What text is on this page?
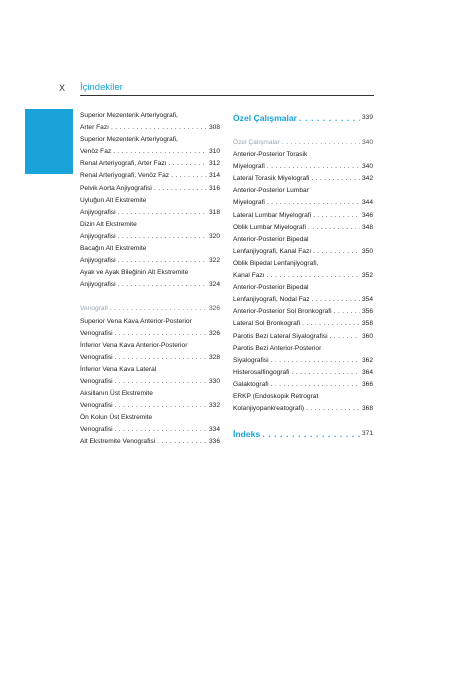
X İçindekiler
Superior Mezenterik Arteriyografi,
Arter Fazı . . .	308
Superior Mezenterik Arteriyografi,
Venöz Faz . . .	310
Renal Arteriyografi, Arter Fazı . . .	312
Renal Arteriyografi, Venöz Faz . . .	314
Pelvik Aorta Anjiyografisi . . .	316
Uyluğun Alt Ekstremite
Anjiyografisi . . .	318
Dizin Alt Ekstremite
Anjiyografisi . . .	320
Bacağın Alt Ekstremite
Anjiyografisi . . .	322
Ayak ve Ayak Bileğinin Alt Ekstremite
Anjiyografisi . . .	324
Venografi . . .	326
Superior Vena Kava Anterior-Posterior
Venografisi . . .	326
İnferior Vena Kava Anterior-Posterior
Venografisi . . .	328
İnferior Vena Kava Lateral
Venografisi . . .	330
Aksillanın Üst Ekstremite
Venografisi . . .	332
Ön Kolun Üst Ekstremite
Venografisi . . .	334
Alt Ekstremite Venografisi . . .	336
Özel Çalışmalar . . .	339
Özel Çalışmalar . . .	340
Anterior-Posterior Torasik
Miyelografi . . .	340
Lateral Torasik Miyelografi . . .	342
Anterior-Posterior Lumbar
Miyelografi . . .	344
Lateral Lumbar Miyelografi . . .	346
Oblik Lumbar Miyelografi . . .	348
Anterior-Posterior Bipedal
Lenfanjiyografi, Kanal Fazı . . .	350
Oblik Bipedal Lenfanjiyografi,
Kanal Fazı . . .	352
Anterior-Posterior Bipedal
Lenfanjiyografi, Nodal Faz . . .	354
Anterior-Posterior Sol Bronkografi . . .	356
Lateral Sol Bronkografi . . .	358
Parotis Bezi Lateral Siyalografisi . . .	360
Parotis Bezi Anterior-Posterior
Siyalografisi . . .	362
Histerosalfingografi . . .	364
Galaktografi . . .	366
ERKP (Endoskopik Retrograt
Kolanjiyopankreatografi) . . .	368
İndeks . . .	371
